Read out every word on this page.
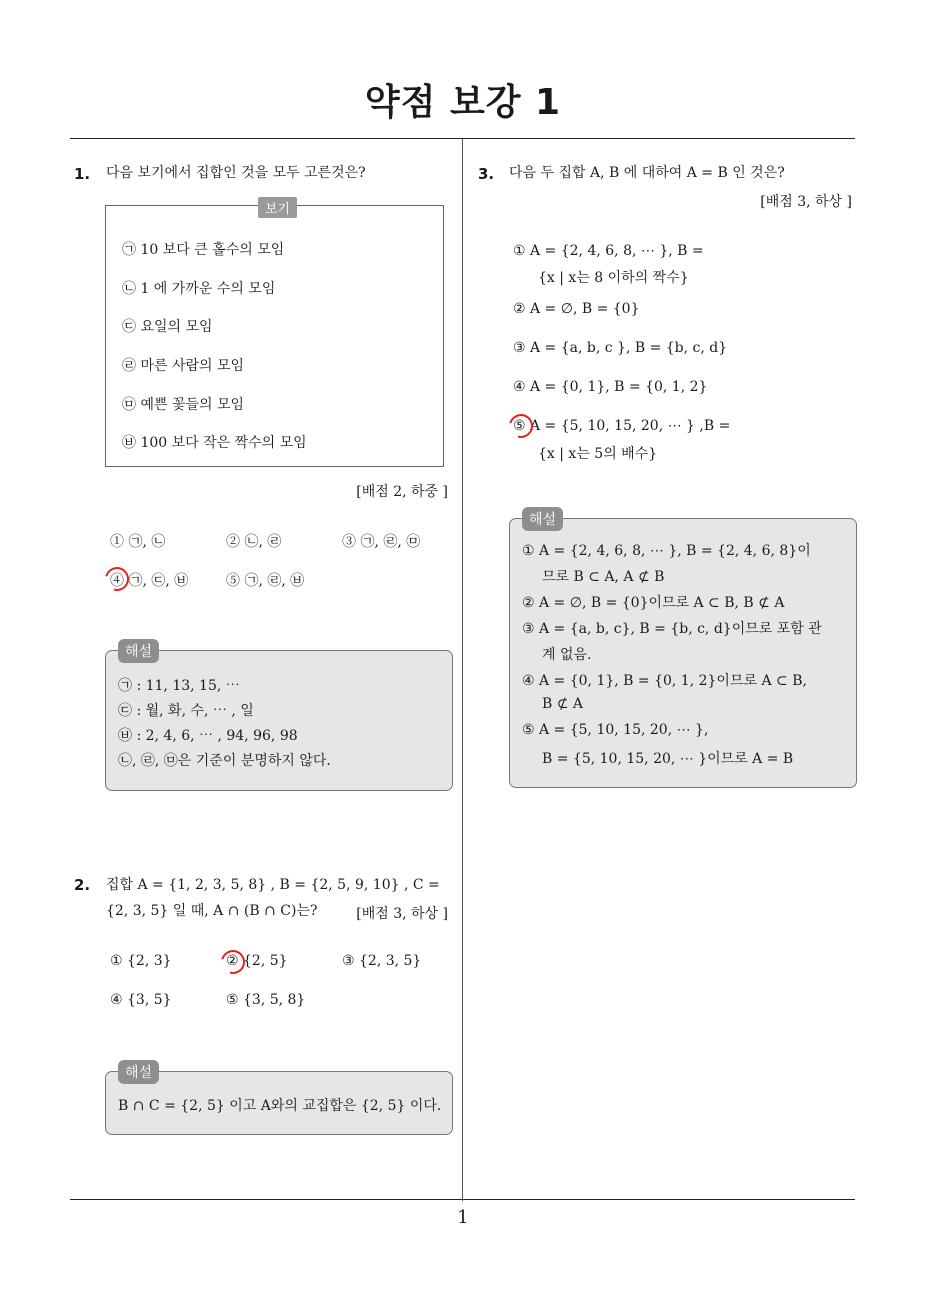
약점 보강 1
1. 다음 보기에서 집합인 것을 모두 고른것은?
보기
㉠ 10 보다 큰 홀수의 모임
㉡ 1 에 가까운 수의 모임
㉢ 요일의 모임
㉣ 마른 사람의 모임
㉤ 예쁜 꽃들의 모임
㉥ 100 보다 작은 짝수의 모임
[배점 2, 하중 ]
① ㉠, ㉡	② ㉡, ㉣	③ ㉠, ㉣, ㉤
④ ㉠, ㉢, ㉥	⑤ ㉠, ㉣, ㉥
해설
㉠ : 11, 13, 15, ⋯
㉢ : 월, 화, 수, ⋯ , 일
㉥ : 2, 4, 6, ⋯ , 94, 96, 98
㉡, ㉣, ㉤은 기준이 분명하지 않다.
2. 집합 A = {1, 2, 3, 5, 8} , B = {2, 5, 9, 10} , C =
{2, 3, 5} 일 때, A ∩ (B ∩ C)는?	[배점 3, 하상 ]
① {2, 3}	② {2, 5}	③ {2, 3, 5}
④ {3, 5}	⑤ {3, 5, 8}
해설
B ∩ C = {2, 5} 이고 A와의 교집합은 {2, 5} 이다.
3. 다음 두 집합 A, B 에 대하여 A = B 인 것은?
[배점 3, 하상 ]
① A = {2, 4, 6, 8, ⋯ }, B =
{x | x는 8 이하의 짝수}
② A = ∅, B = {0}
③ A = {a, b, c }, B = {b, c, d}
④ A = {0, 1}, B = {0, 1, 2}
⑤ A = {5, 10, 15, 20, ⋯ } ,B =
{x | x는 5의 배수}
해설
① A = {2, 4, 6, 8, ⋯ }, B = {2, 4, 6, 8}이
므로 B ⊂ A, A ⊄ B
② A = ∅, B = {0}이므로 A ⊂ B, B ⊄ A
③ A = {a, b, c}, B = {b, c, d}이므로 포함 관
계 없음.
④ A = {0, 1}, B = {0, 1, 2}이므로 A ⊂ B,
B ⊄ A
⑤ A = {5, 10, 15, 20, ⋯ },
B = {5, 10, 15, 20, ⋯ }이므로 A = B
1
